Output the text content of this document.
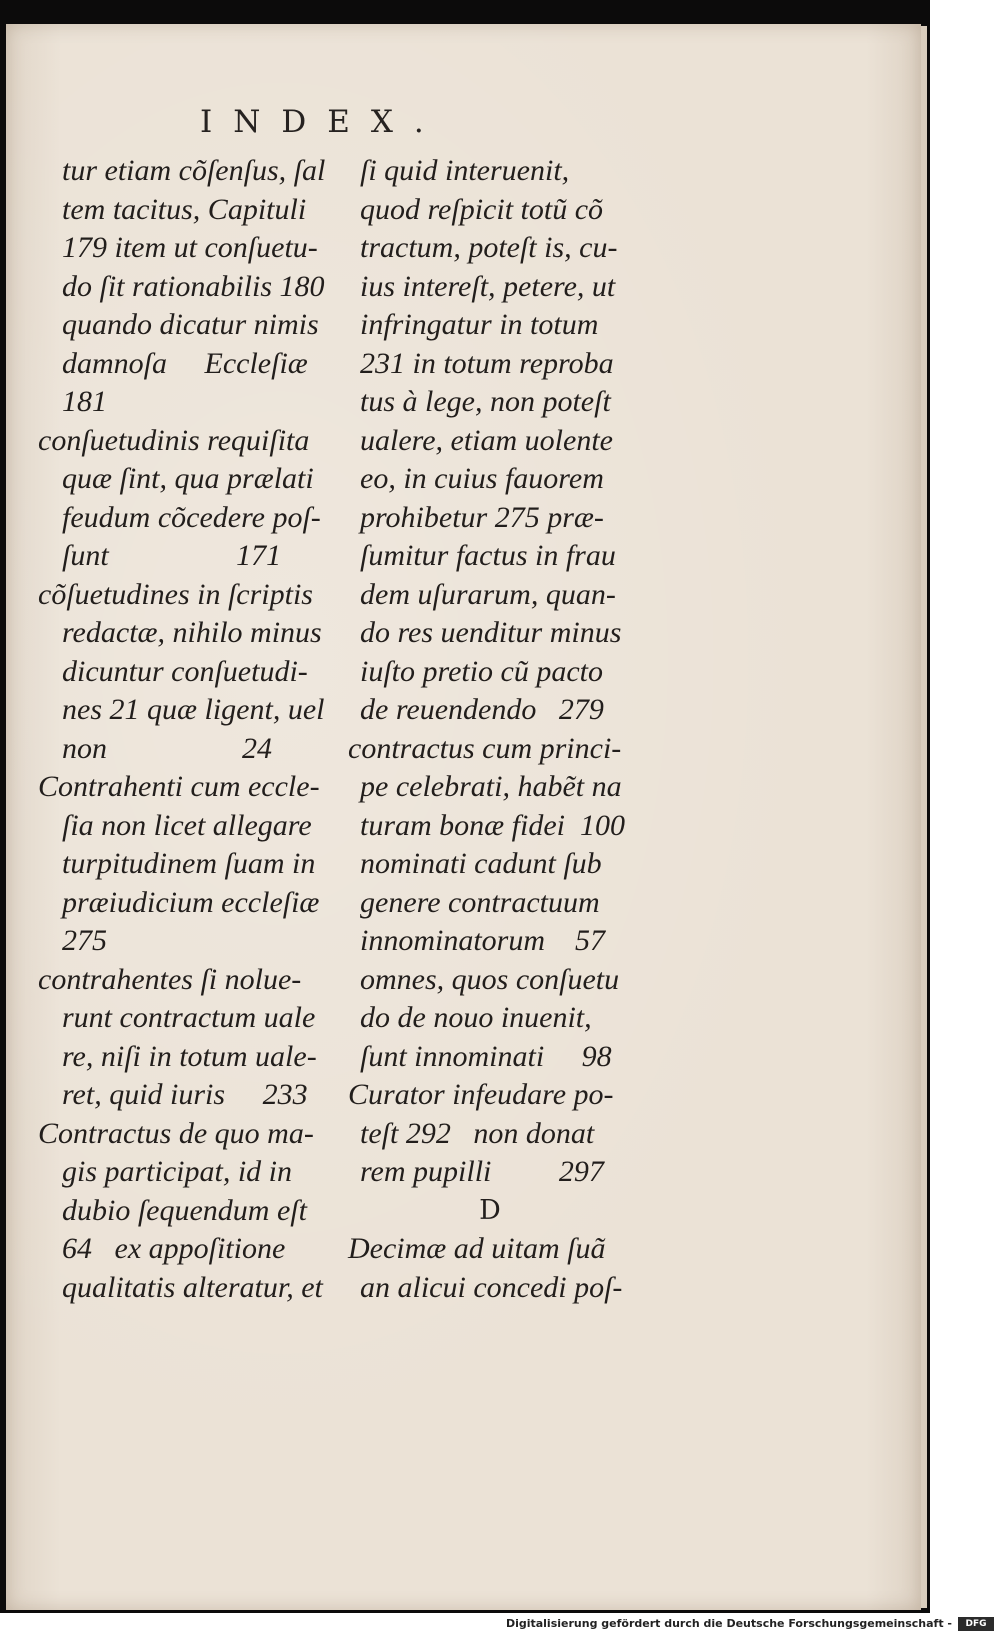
INDEX.
tur etiam cõſenſus, ſal
tem tacitus, Capituli
179 item ut conſuetu-
do ſit rationabilis 180
quando dicatur nimis
damnoſa     Eccleſiæ
181
conſuetudinis requiſita
quæ ſint, qua prælati
feudum cõcedere poſ-
ſunt                 171
cõſuetudines in ſcriptis
redactæ, nihilo minus
dicuntur conſuetudi-
nes 21 quæ ligent, uel
non                  24
Contrahenti cum eccle-
ſia non licet allegare
turpitudinem ſuam in
præiudicium eccleſiæ
275
contrahentes ſi nolue-
runt contractum uale
re, niſi in totum uale-
ret, quid iuris     233
Contractus de quo ma-
gis participat, id in
dubio ſequendum eſt
64   ex appoſitione
qualitatis alteratur, et
ſi quid interuenit,
quod reſpicit totũ cõ
tractum, poteſt is, cu-
ius intereſt, petere, ut
infringatur in totum
231 in totum reproba
tus à lege, non poteſt
ualere, etiam uolente
eo, in cuius fauorem
prohibetur 275 præ-
ſumitur factus in frau
dem uſurarum, quan-
do res uenditur minus
iuſto pretio cũ pacto
de reuendendo   279
contractus cum princi-
pe celebrati, habẽt na
turam bonæ fidei  100
nominati cadunt ſub
genere contractuum
innominatorum    57
omnes, quos conſuetu
do de nouo inuenit,
ſunt innominati     98
Curator infeudare po-
teſt 292   non donat
rem pupilli         297
D
Decimæ ad uitam ſuã
an alicui concedi poſ-
Digitalisierung gefördert durch die Deutsche Forschungsgemeinschaft -	DFG
